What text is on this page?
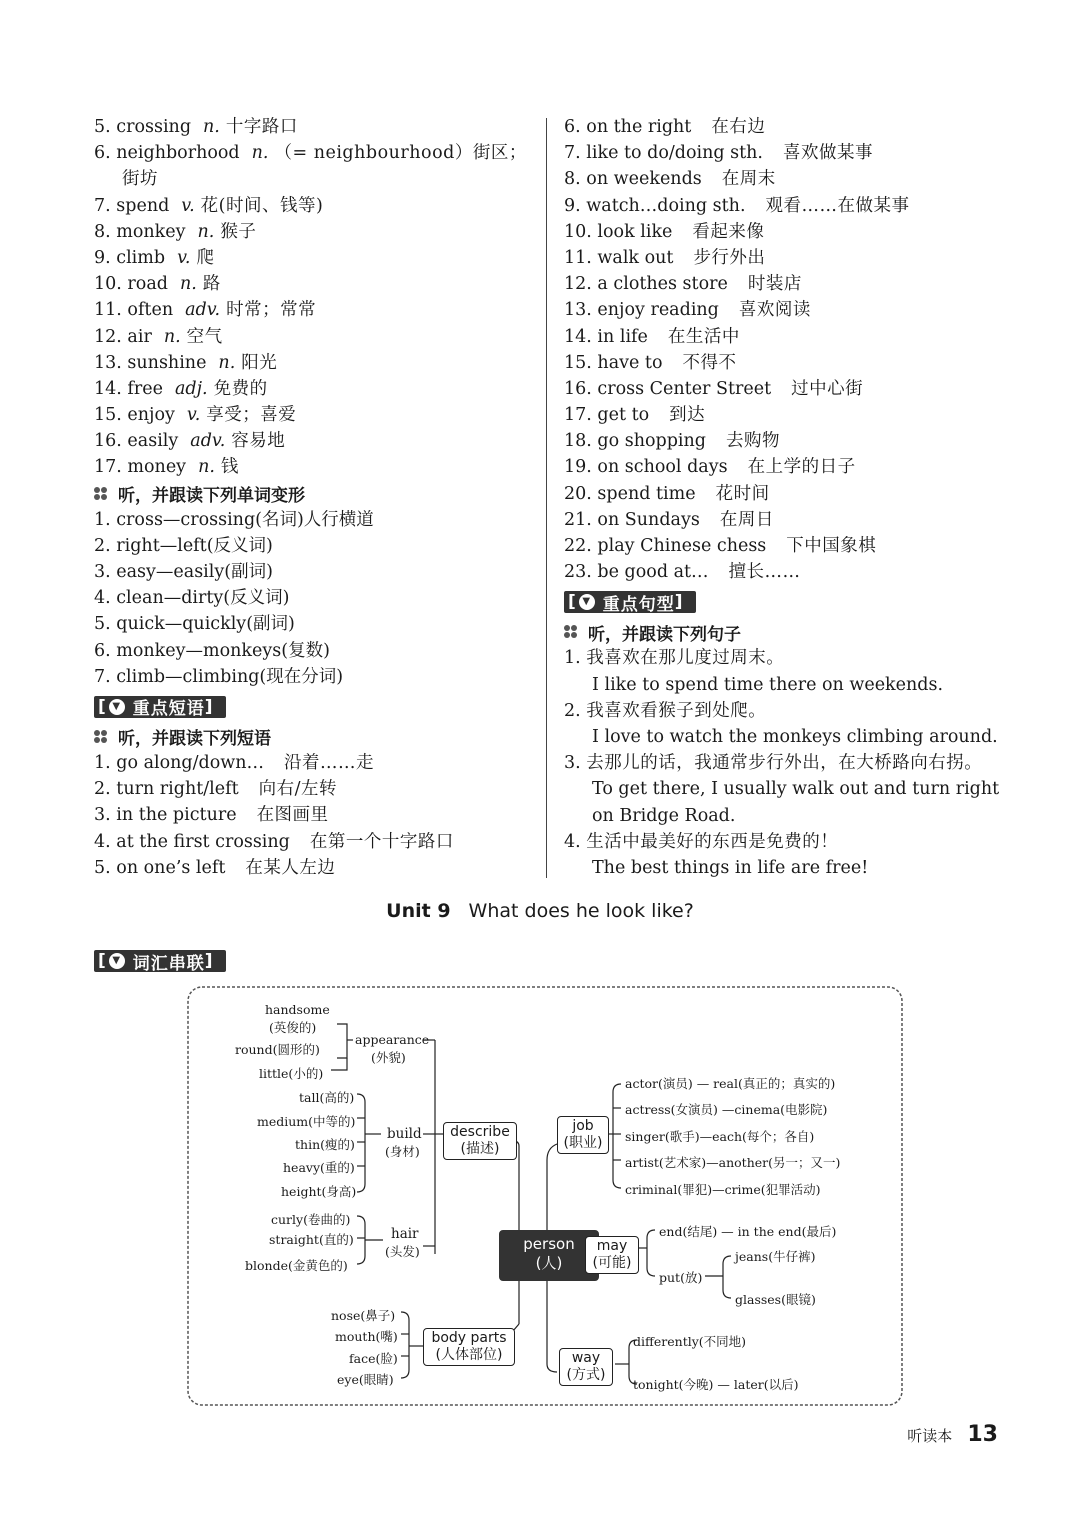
5. crossing n. 十字路口
6. neighborhood n. （= neighbourhood）街区；
街坊
7. spend v. 花(时间、钱等)
8. monkey n. 猴子
9. climb v. 爬
10. road n. 路
11. often adv. 时常；常常
12. air n. 空气
13. sunshine n. 阳光
14. free adj. 免费的
15. enjoy v. 享受；喜爱
16. easily adv. 容易地
17. money n. 钱
听，并跟读下列单词变形
1. cross—crossing(名词)人行横道
2. right—left(反义词)
3. easy—easily(副词)
4. clean—dirty(反义词)
5. quick—quickly(副词)
6. monkey—monkeys(复数)
7. climb—climbing(现在分词)
[ ▼ 重点短语 ]
听，并跟读下列短语
1. go along/down… 沿着……走
2. turn right/left 向右/左转
3. in the picture 在图画里
4. at the first crossing 在第一个十字路口
5. on one’s left 在某人左边
6. on the right 在右边
7. like to do/doing sth. 喜欢做某事
8. on weekends 在周末
9. watch…doing sth. 观看……在做某事
10. look like 看起来像
11. walk out 步行外出
12. a clothes store 时装店
13. enjoy reading 喜欢阅读
14. in life 在生活中
15. have to 不得不
16. cross Center Street 过中心街
17. get to 到达
18. go shopping 去购物
19. on school days 在上学的日子
20. spend time 花时间
21. on Sundays 在周日
22. play Chinese chess 下中国象棋
23. be good at… 擅长……
[ ▼ 重点句型 ]
听，并跟读下列句子
1. 我喜欢在那儿度过周末。
I like to spend time there on weekends.
2. 我喜欢看猴子到处爬。
I love to watch the monkeys climbing around.
3. 去那儿的话，我通常步行外出，在大桥路向右拐。
To get there, I usually walk out and turn right
on Bridge Road.
4. 生活中最美好的东西是免费的！
The best things in life are free!
Unit 9 What does he look like?
[ ▼ 词汇串联 ]
handsome
(英俊的)
round(圆形的)
little(小的)
appearance
(外貌)
tall(高的)
medium(中等的)
thin(瘦的)
heavy(重的)
height(身高)
build
(身材)
curly(卷曲的)
straight(直的)
blonde(金黄色的)
hair
(头发)
nose(鼻子)
mouth(嘴)
face(脸)
eye(眼睛)
describe
(描述)
person
(人)
body parts
(人体部位)
job
(职业)
may
(可能)
way
(方式)
actor(演员) — real(真正的；真实的)
actress(女演员) —cinema(电影院)
singer(歌手)—each(每个；各自)
artist(艺术家)—another(另一；又一)
criminal(罪犯)—crime(犯罪活动)
end(结尾) — in the end(最后)
put(放)
jeans(牛仔裤)
glasses(眼镜)
differently(不同地)
tonight(今晚) — later(以后)
听读本 13
